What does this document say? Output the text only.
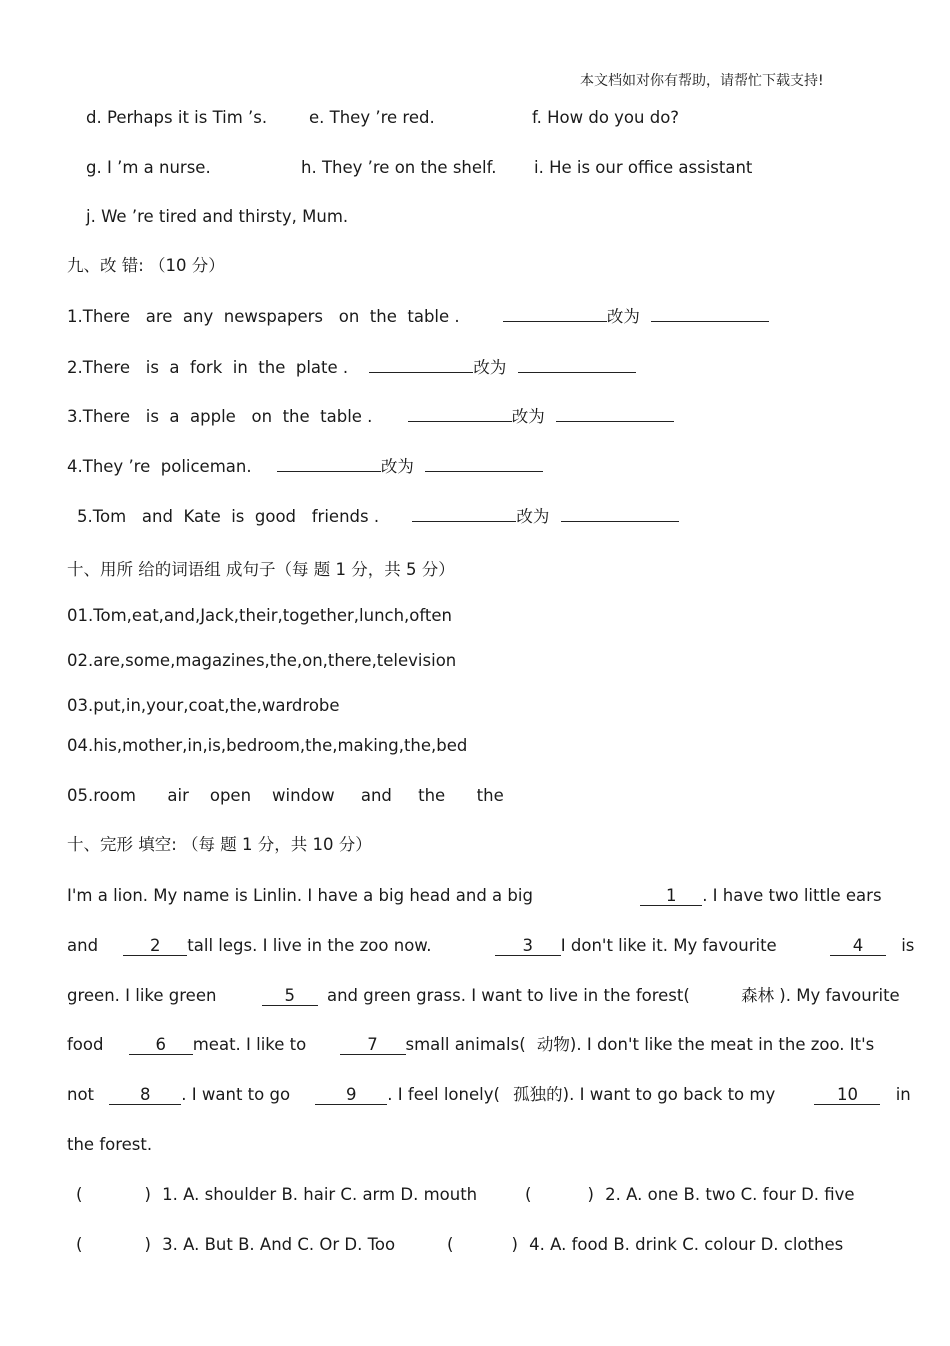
本文档如对你有帮助，请帮忙下载支持!
d. Perhaps it is Tim ’s.	e. They ’re red.	f. How do you do?
g. I ’m a nurse.	h. They ’re on the shelf. i. He is our office assistant
j. We ’re tired and thirsty, Mum.
九、改 错: （10 分）
1.There   are  any  newspapers   on  the  table .	改为
2.There   is  a  fork  in  the  plate .	改为
3.There   is  a  apple   on  the  table .	改为
4.They ’re  policeman.	改为
5.Tom   and  Kate  is  good   friends .	改为
十、用所 给的词语组 成句子（每 题 1 分，共 5 分）
01.Tom,eat,and,Jack,their,together,lunch,often
02.are,some,magazines,the,on,there,television
03.put,in,your,coat,the,wardrobe
04.his,mother,in,is,bedroom,the,making,the,bed
05.room      air    open    window     and     the      the
十、完形 填空: （每 题 1 分，共 10 分）
I'm a lion. My name is Linlin. I have a big head and a big	1 . I have two little ears
and	2 tall legs. I live in the zoo now.	3 I don't like it. My favourite	4 is
green. I like green	5 and green grass. I want to live in the forest(	森林 ). My favourite
food	6 meat. I like to	7 small animals( 动物). I don't like the meat in the zoo. It's
not	8 . I want to go	9 . I feel lonely( 孤独的). I want to go back to my	10 in
the forest.
(	) 1. A. shoulder B. hair C. arm D. mouth	(	) 2. A. one B. two C. four D. five
(	) 3. A. But B. And C. Or D. Too	(	) 4. A. food B. drink C. colour D. clothes
